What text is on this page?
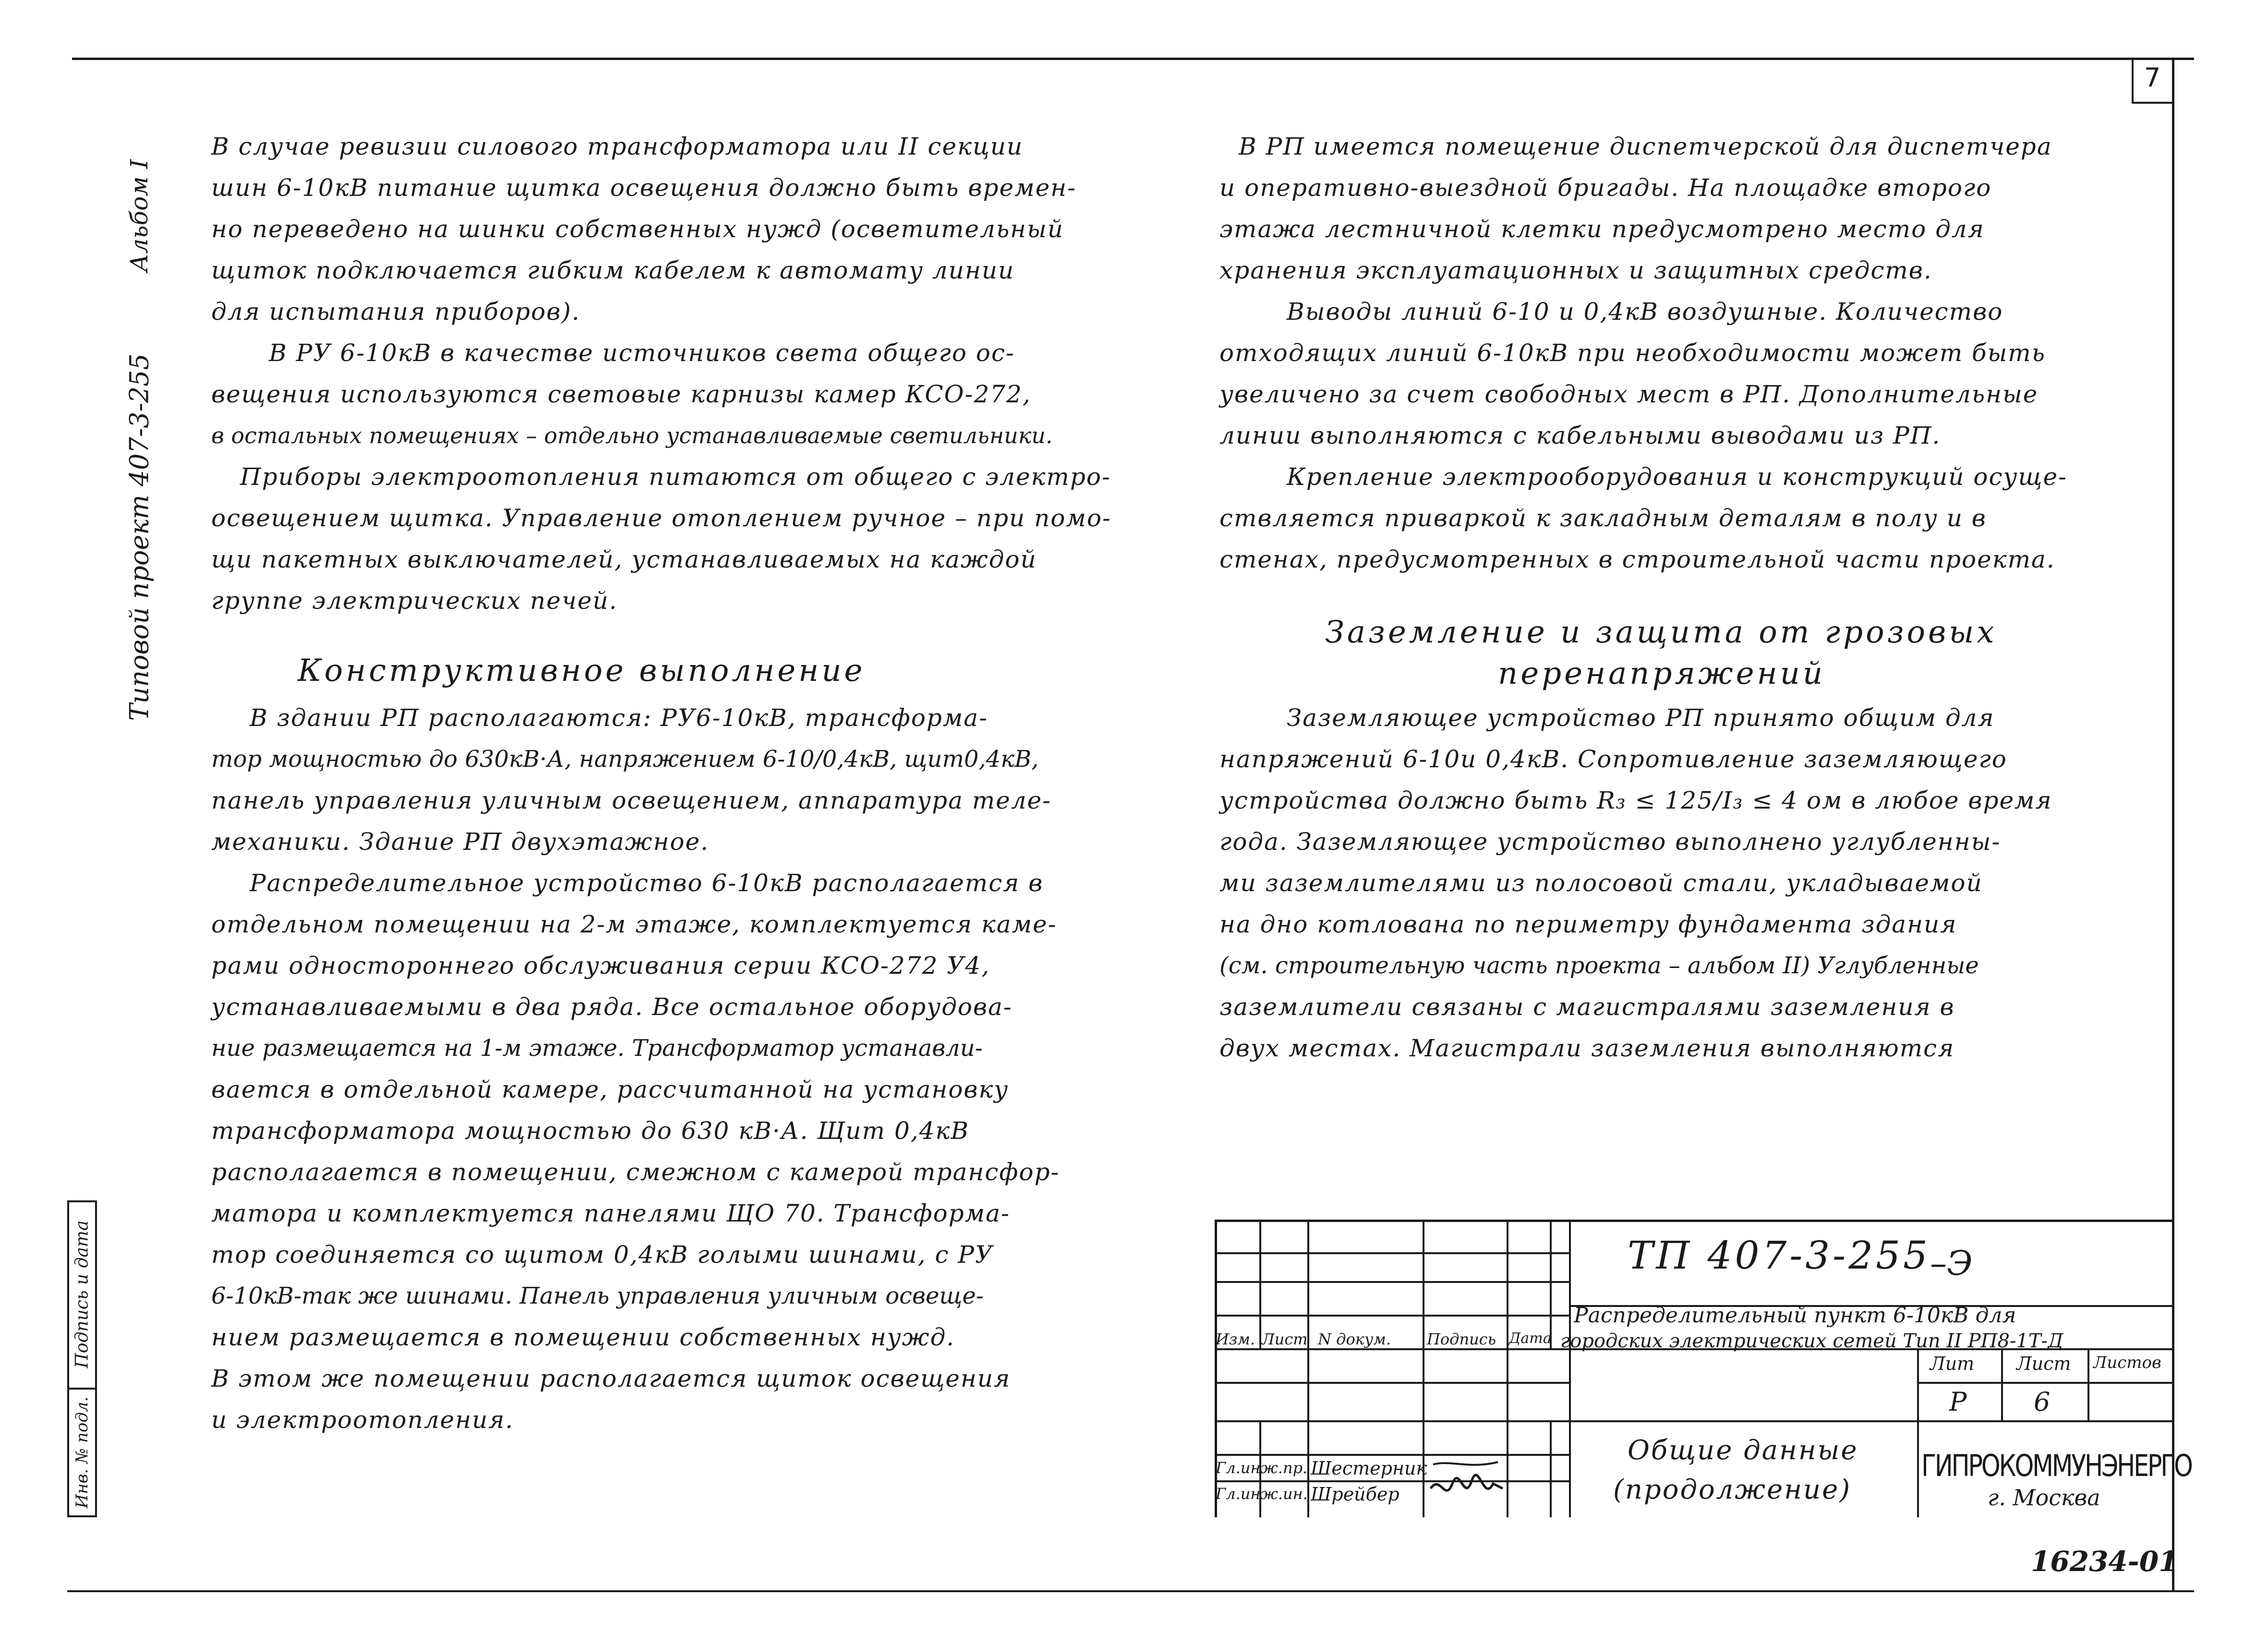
7
Альбом I
Типовой проект 407-3-255
Подпись и дата
Инв. № подл.
В случае ревизии силового трансформатора или II секции
шин 6-10кВ питание щитка освещения должно быть времен-
но переведено на шинки собственных нужд (осветительный
щиток подключается гибким кабелем к автомату линии
для испытания приборов).
В РУ 6-10кВ в качестве источников света общего ос-
вещения используются световые карнизы камер КСО-272,
в остальных помещениях – отдельно устанавливаемые светильники.
Приборы электроотопления питаются от общего с электро-
освещением щитка. Управление отоплением ручное – при помо-
щи пакетных выключателей, устанавливаемых на каждой
группе электрических печей.
Конструктивное выполнение
В здании РП располагаются: РУ6-10кВ, трансформа-
тор мощностью до 630кВ·А, напряжением 6-10/0,4кВ, щит0,4кВ,
панель управления уличным освещением, аппаратура теле-
механики. Здание РП двухэтажное.
Распределительное устройство 6-10кВ располагается в
отдельном помещении на 2-м этаже, комплектуется каме-
рами одностороннего обслуживания серии КСО-272 У4,
устанавливаемыми в два ряда. Все остальное оборудова-
ние размещается на 1-м этаже. Трансформатор устанавли-
вается в отдельной камере, рассчитанной на установку
трансформатора мощностью до 630 кВ·А. Щит 0,4кВ
располагается в помещении, смежном с камерой трансфор-
матора и комплектуется панелями ЩО 70. Трансформа-
тор соединяется со щитом 0,4кВ голыми шинами, с РУ
6-10кВ-так же шинами. Панель управления уличным освеще-
нием размещается в помещении собственных нужд.
В этом же помещении располагается щиток освещения
и электроотопления.
В РП имеется помещение диспетчерской для диспетчера
и оперативно-выездной бригады. На площадке второго
этажа лестничной клетки предусмотрено место для
хранения эксплуатационных и защитных средств.
Выводы линий 6-10 и 0,4кВ воздушные. Количество
отходящих линий 6-10кВ при необходимости может быть
увеличено за счет свободных мест в РП. Дополнительные
линии выполняются с кабельными выводами из РП.
Крепление электрооборудования и конструкций осуще-
ствляется приваркой к закладным деталям в полу и в
стенах, предусмотренных в строительной части проекта.
Заземление и защита от грозовых
перенапряжений
Заземляющее устройство РП принято общим для
напряжений 6-10и 0,4кВ. Сопротивление заземляющего
устройства должно быть R₃ ≤ 125/I₃ ≤ 4 ом в любое время
года. Заземляющее устройство выполнено углубленны-
ми заземлителями из полосовой стали, укладываемой
на дно котлована по периметру фундамента здания
(см. строительную часть проекта – альбом II) Углубленные
заземлители связаны с магистралями заземления в
двух местах. Магистрали заземления выполняются
ТП 407-3-255 –Э
Распределительный пункт 6-10кВ для
городских электрических сетей Тип II РП8-1Т-Д
Изм. Лист N докум. Подпись Дата
Лит Лист Листов
Р	6
Гл.инж.пр.
Гл.инж.ин.
Шестерник
Шрейбер
Общие данные
(продолжение)
ГИПРОКОММУНЭНЕРГО
г. Москва
16234-01
